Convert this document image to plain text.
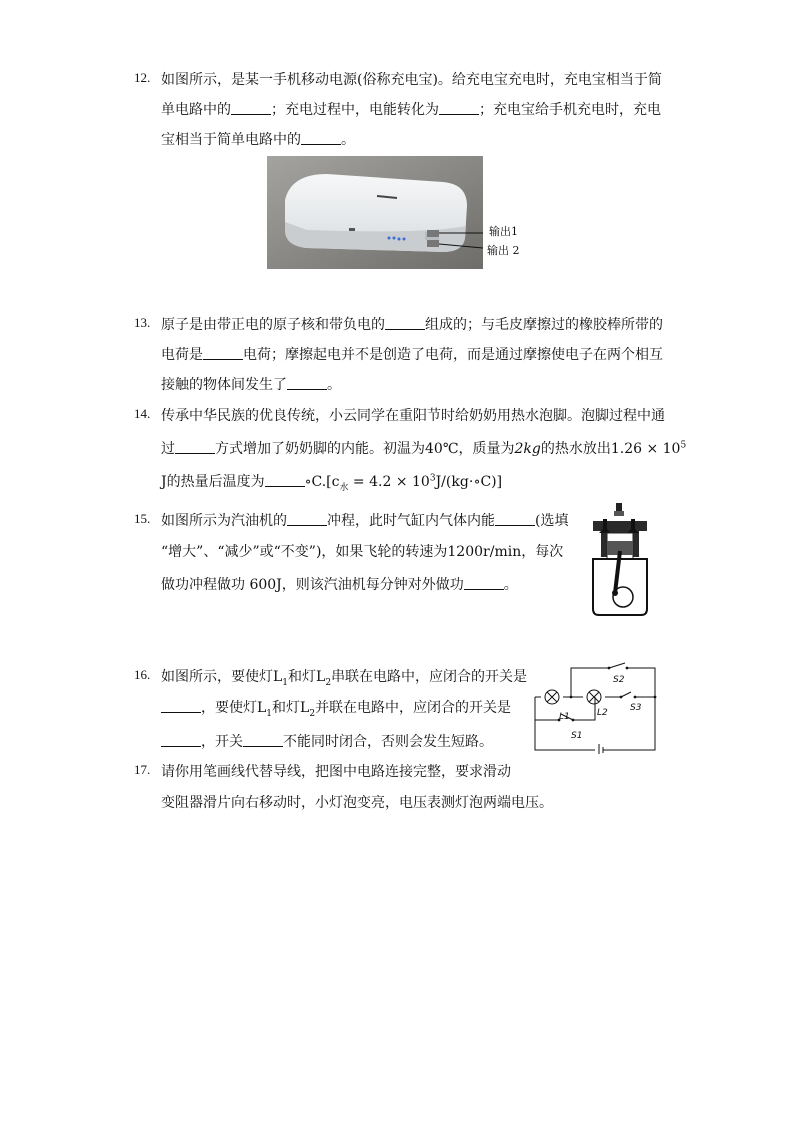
12. 如图所示，是某一手机移动电源(俗称充电宝)。给充电宝充电时，充电宝相当于简
单电路中的	；充电过程中，电能转化为	；充电宝给手机充电时，充电
宝相当于简单电路中的	。
输出1
输出 2
13. 原子是由带正电的原子核和带负电的	组成的；与毛皮摩擦过的橡胶棒所带的
电荷是	电荷；摩擦起电并不是创造了电荷，而是通过摩擦使电子在两个相互
接触的物体间发生了	。
14. 传承中华民族的优良传统，小云同学在重阳节时给奶奶用热水泡脚。泡脚过程中通
过	方式增加了奶奶脚的内能。初温为40℃，质量为2kg的热水放出$1.26 \times 10^5$
J的热量后温度为	$\circ C.[c_水 = 4.2$ × $10^3J/(kg\cdot\circ C)$]
15. 如图所示为汽油机的	冲程，此时气缸内气体内能	(选填
“增大”、“减少”或“不变”)，如果飞轮的转速为1200r/min，每次
做功冲程做功 600J，则该汽油机每分钟对外做功	。
16. 如图所示，要使灯$L_1$和灯$L_2$串联在电路中，应闭合的开关是
，要使灯$L_1$和灯$L_2$并联在电路中，应闭合的开关是
，开关	不能同时闭合，否则会发生短路。
S2
S3
L1	L2
S1
17. 请你用笔画线代替导线，把图中电路连接完整，要求滑动
变阻器滑片向右移动时，小灯泡变亮，电压表测灯泡两端电压。
